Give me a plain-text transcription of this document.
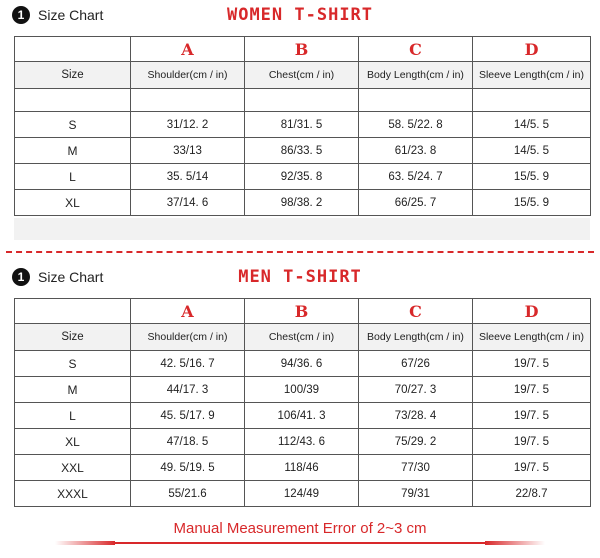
1 Size Chart	WOMEN T-SHIRT
	A	B	C	D
Size	Shoulder(cm / in)	Chest(cm / in)	Body Length(cm / in)	Sleeve Length(cm / in)

S	31/12. 2	81/31. 5	58. 5/22. 8	14/5. 5
M	33/13	86/33. 5	61/23. 8	14/5. 5
L	35. 5/14	92/35. 8	63. 5/24. 7	15/5. 9
XL	37/14. 6	98/38. 2	66/25. 7	15/5. 9
1 Size Chart	MEN T-SHIRT
	A	B	C	D
Size	Shoulder(cm / in)	Chest(cm / in)	Body Length(cm / in)	Sleeve Length(cm / in)
S	42. 5/16. 7	94/36. 6	67/26	19/7. 5
M	44/17. 3	100/39	70/27. 3	19/7. 5
L	45. 5/17. 9	106/41. 3	73/28. 4	19/7. 5
XL	47/18. 5	112/43. 6	75/29. 2	19/7. 5
XXL	49. 5/19. 5	118/46	77/30	19/7. 5
XXXL	55/21.6	124/49	79/31	22/8.7
Manual Measurement Error of 2~3 cm
